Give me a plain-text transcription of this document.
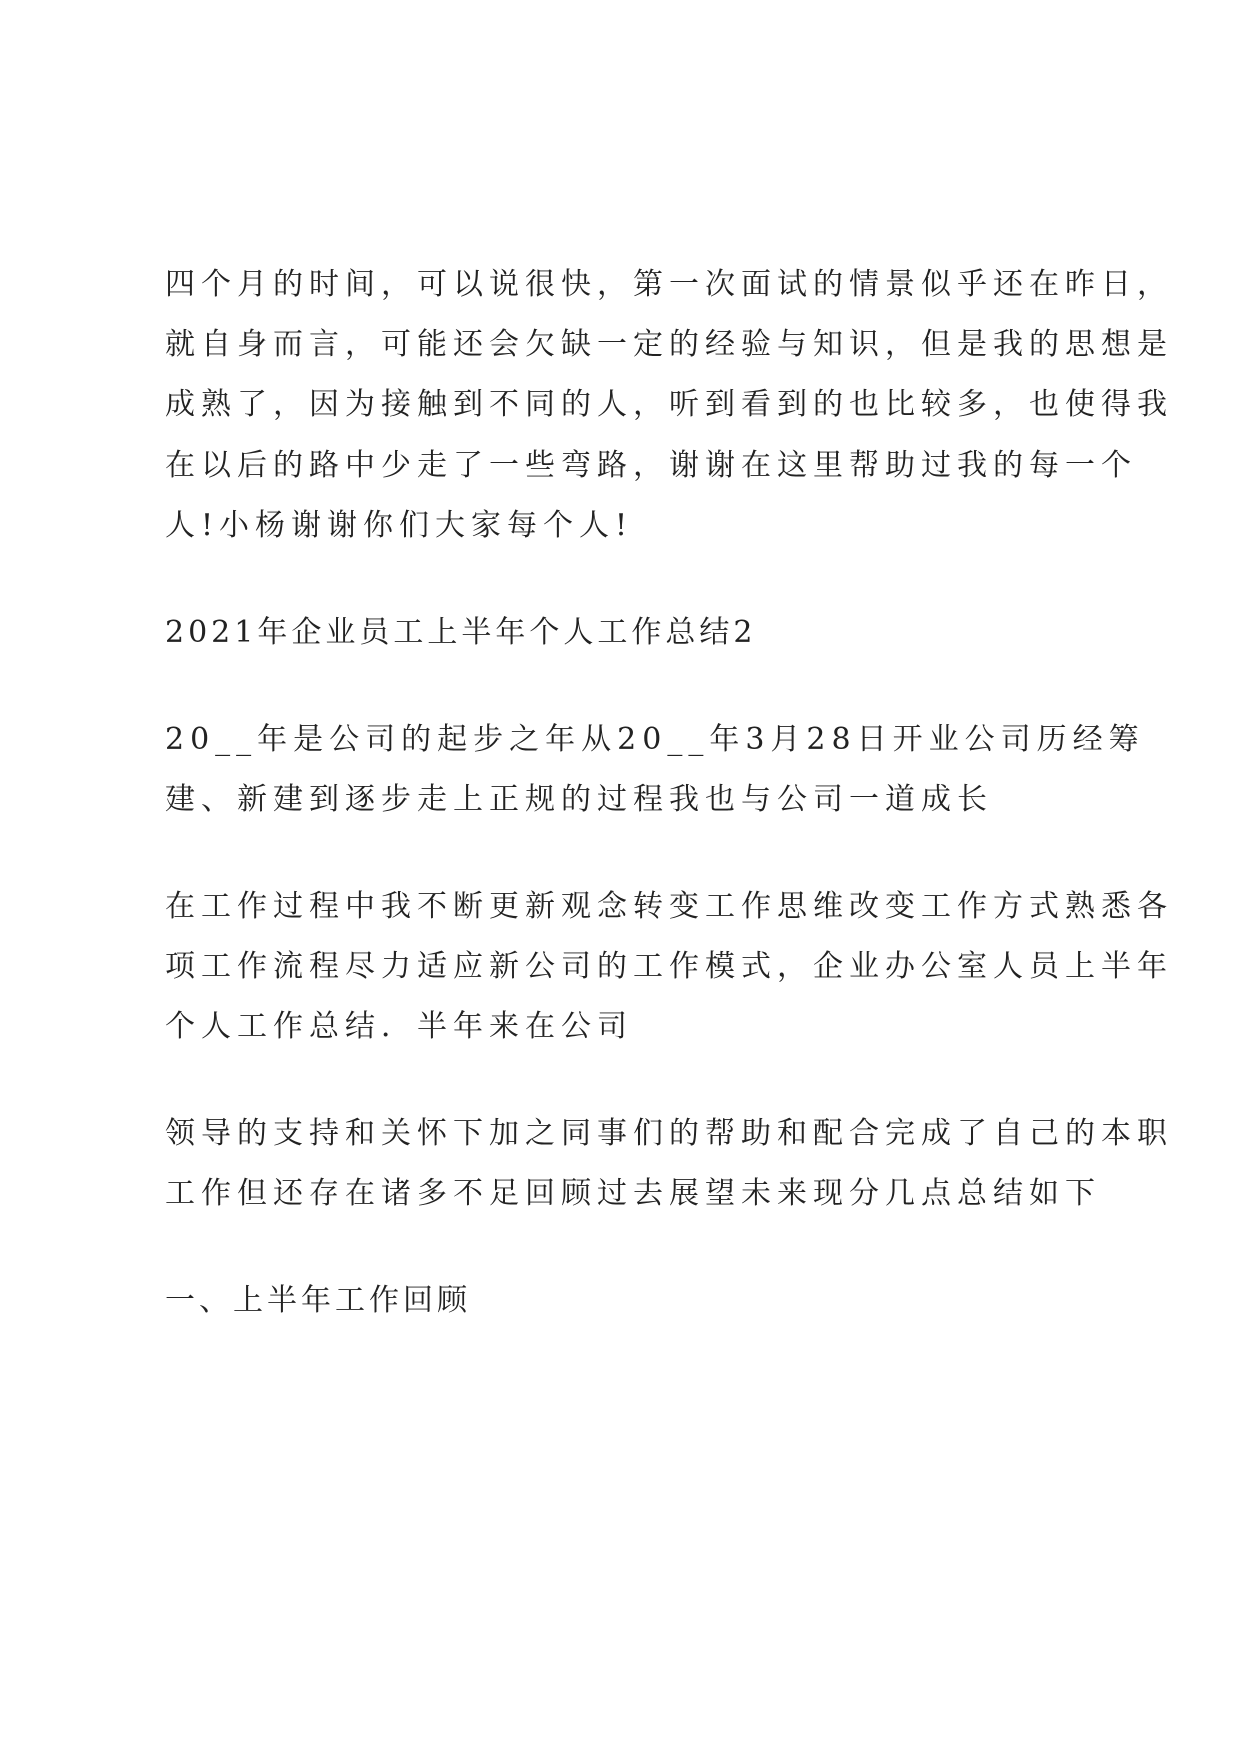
四个月的时间，可以说很快，第一次面试的情景似乎还在昨日，

就自身而言，可能还会欠缺一定的经验与知识，但是我的思想是

成熟了，因为接触到不同的人，听到看到的也比较多，也使得我

在以后的路中少走了一些弯路，谢谢在这里帮助过我的每一个

人!小杨谢谢你们大家每个人!

2021年企业员工上半年个人工作总结2

20__年是公司的起步之年从20__年3月28日开业公司历经筹

建、新建到逐步走上正规的过程我也与公司一道成长

在工作过程中我不断更新观念转变工作思维改变工作方式熟悉各

项工作流程尽力适应新公司的工作模式，企业办公室人员上半年

个人工作总结．半年来在公司

领导的支持和关怀下加之同事们的帮助和配合完成了自己的本职

工作但还存在诸多不足回顾过去展望未来现分几点总结如下

一、上半年工作回顾
